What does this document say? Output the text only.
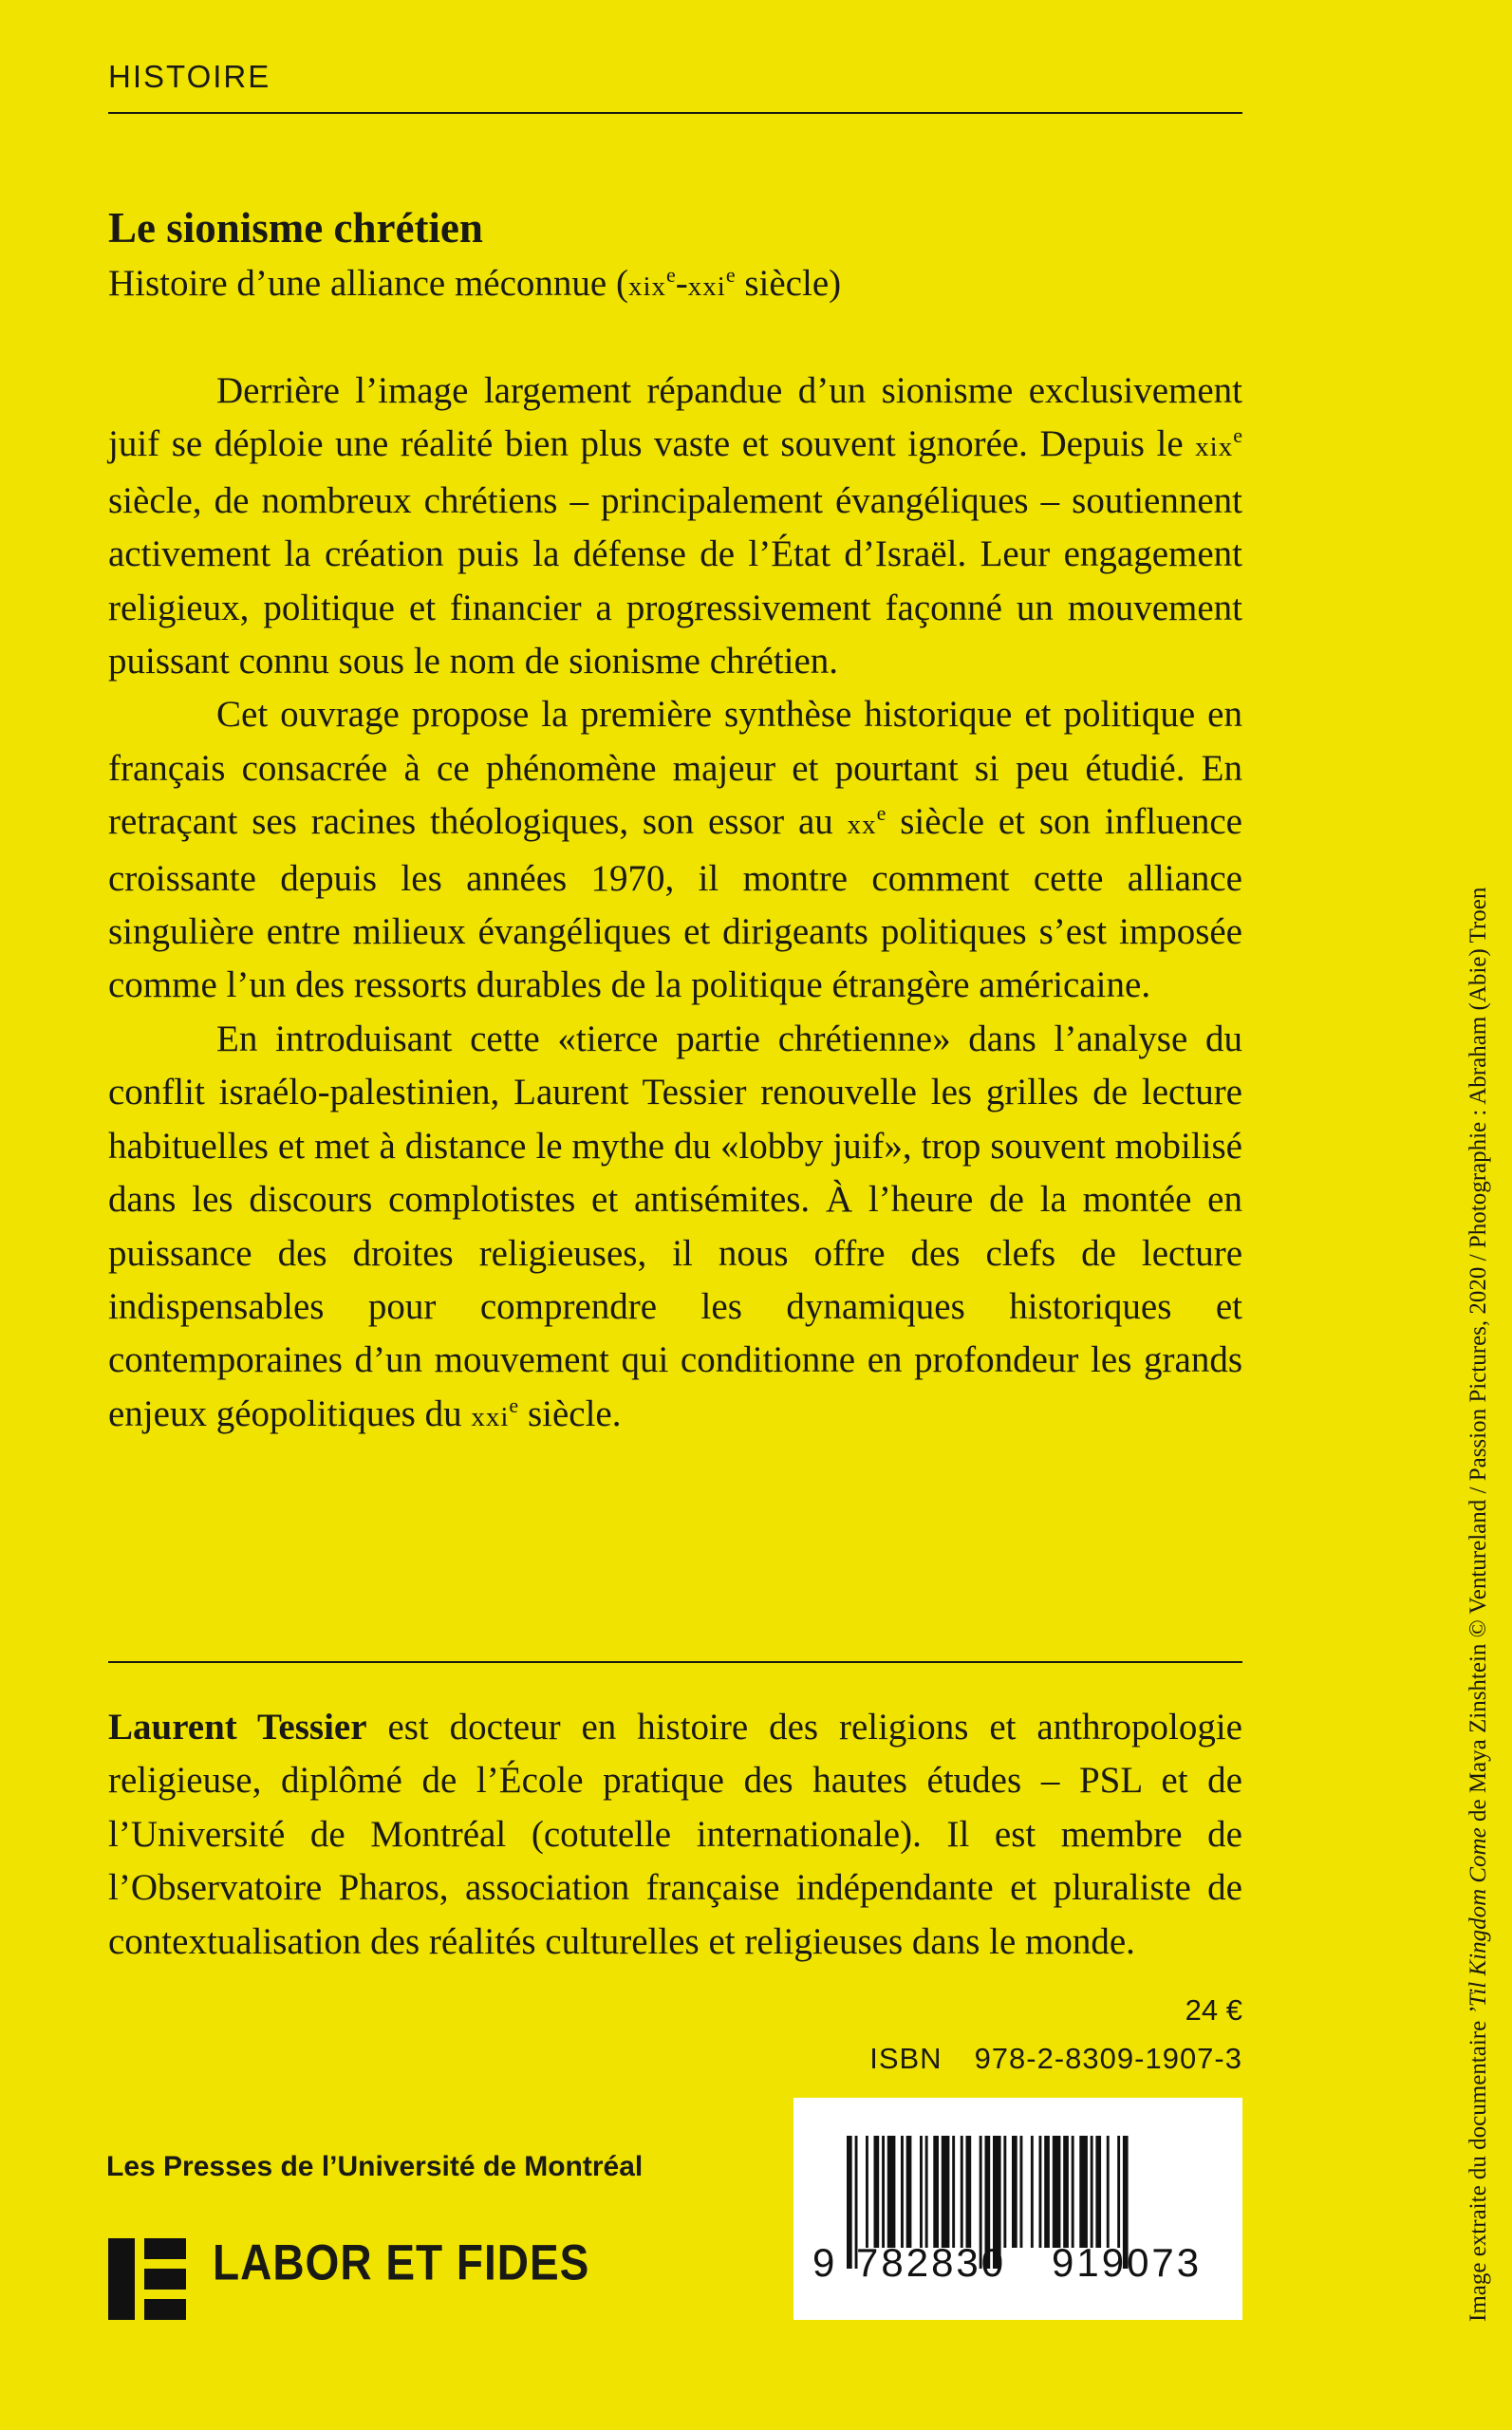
HISTOIRE
Le sionisme chrétien

Histoire d’une alliance méconnue (xix$^e$-xxi$^e$ siècle)

Derrière l’image largement répandue d’un sionisme exclusivement juif se déploie une réalité bien plus vaste et souvent ignorée. Depuis le xix$^e$ siècle, de nombreux chrétiens – principalement évangéliques – soutiennent activement la création puis la défense de l’État d’Israël. Leur engagement religieux, politique et financier a progressivement façonné un mouvement puissant connu sous le nom de sionisme chrétien.

Cet ouvrage propose la première synthèse historique et politique en français consacrée à ce phénomène majeur et pourtant si peu étudié. En retraçant ses racines théologiques, son essor au $xx^e$ siècle et son influence croissante depuis les années 1970, il montre comment cette alliance singulière entre milieux évangéliques et dirigeants politiques s’est imposée comme l’un des ressorts durables de la politique étrangère américaine.

En introduisant cette «tierce partie chrétienne» dans l’analyse du conflit israélo-palestinien, Laurent Tessier renouvelle les grilles de lecture habituelles et met à distance le mythe du «lobby juif», trop souvent mobilisé dans les discours complotistes et antisémites. À l’heure de la montée en puissance des droites religieuses, il nous offre des clefs de lecture indispensables pour comprendre les dynamiques historiques et contemporaines d’un mouvement qui conditionne en profondeur les grands enjeux géopolitiques du xxi$^e$ siècle.

Laurent Tessier est docteur en histoire des religions et anthropologie religieuse, diplômé de l’École pratique des hautes études – PSL et de l’Université de Montréal (cotutelle internationale). Il est membre de l’Observatoire Pharos, association française indépendante et pluraliste de contextualisation des réalités culturelles et religieuses dans le monde.

24 €
ISBN 978-2-8309-1907-3
Les Presses de l’Université de Montréal
LABOR ET FIDES	9 782830 919073	Image extraite du documentaire ’Til Kingdom Come de Maya Zinshtein © Ventureland / Passion Pictures, 2020 / Photographie : Abraham (Abie) Troen
